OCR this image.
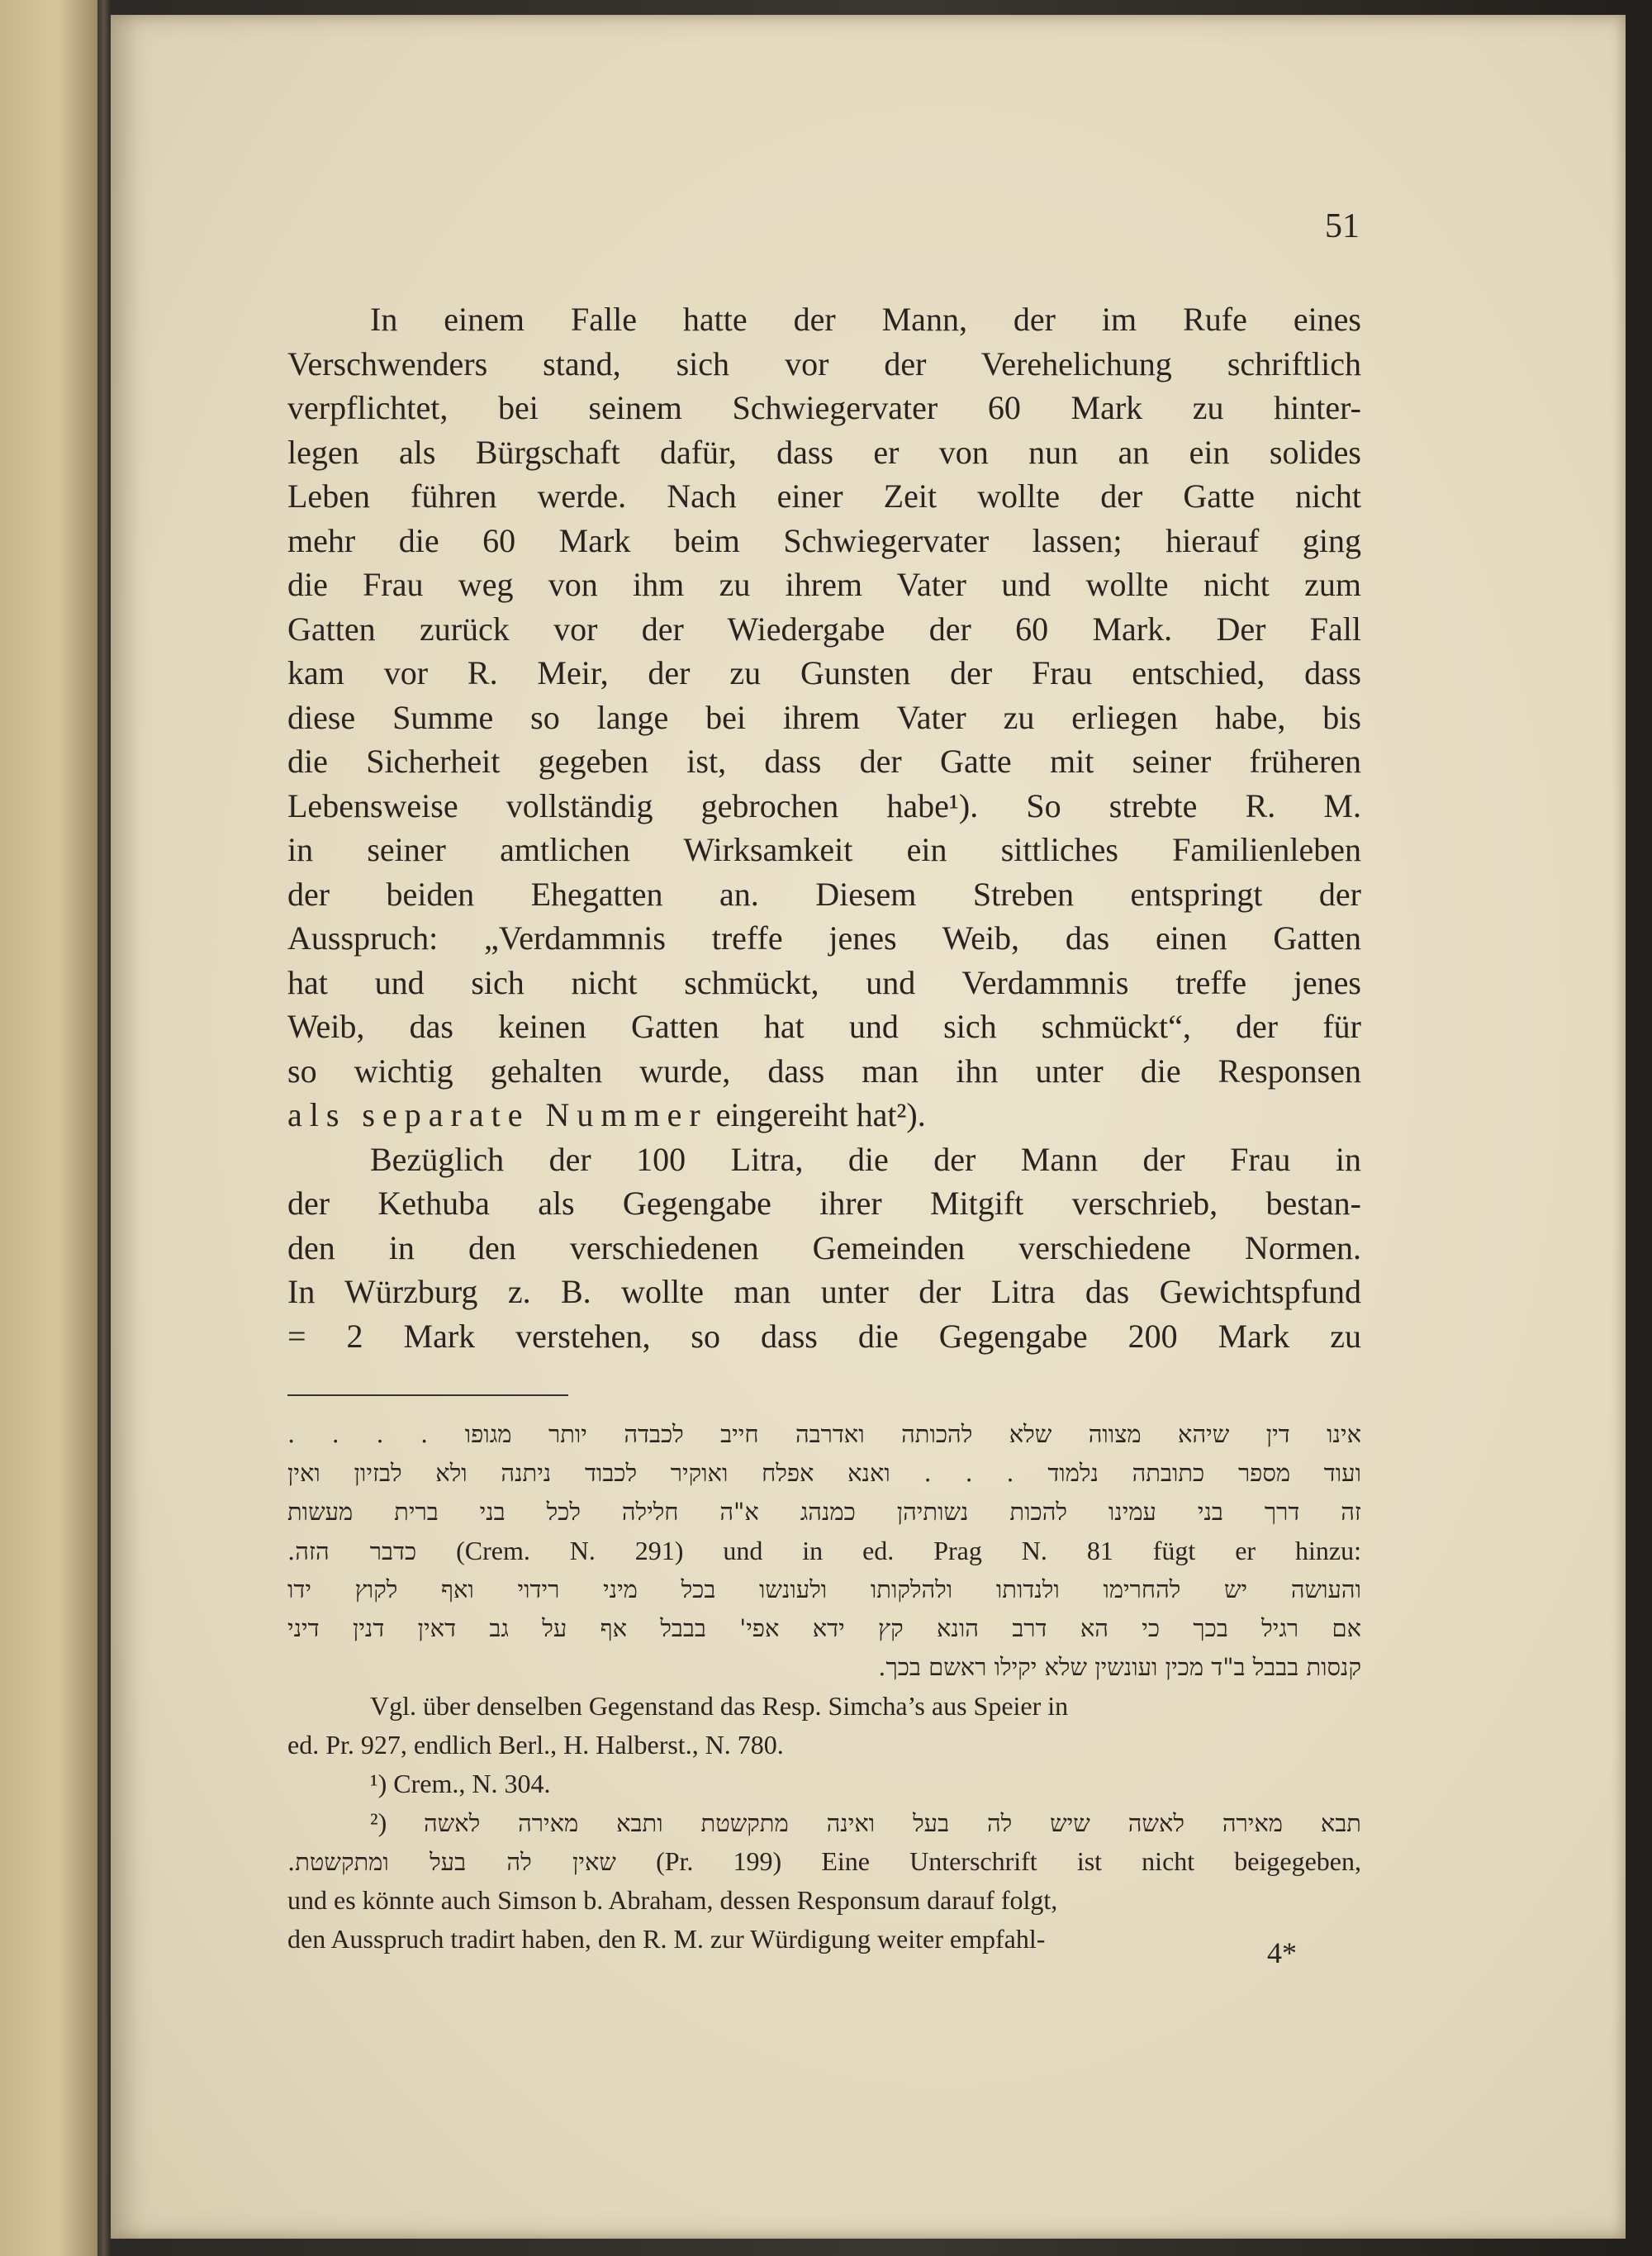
51
In einem Falle hatte der Mann, der im Rufe eines
Verschwenders stand, sich vor der Verehelichung schriftlich
verpflichtet, bei seinem Schwiegervater 60 Mark zu hinter-
legen als Bürgschaft dafür, dass er von nun an ein solides
Leben führen werde. Nach einer Zeit wollte der Gatte nicht
mehr die 60 Mark beim Schwiegervater lassen; hierauf ging
die Frau weg von ihm zu ihrem Vater und wollte nicht zum
Gatten zurück vor der Wiedergabe der 60 Mark. Der Fall
kam vor R. Meir, der zu Gunsten der Frau entschied, dass
diese Summe so lange bei ihrem Vater zu erliegen habe, bis
die Sicherheit gegeben ist, dass der Gatte mit seiner früheren
Lebensweise vollständig gebrochen habe¹). So strebte R. M.
in seiner amtlichen Wirksamkeit ein sittliches Familienleben
der beiden Ehegatten an. Diesem Streben entspringt der
Ausspruch: „Verdammnis treffe jenes Weib, das einen Gatten
hat und sich nicht schmückt, und Verdammnis treffe jenes
Weib, das keinen Gatten hat und sich schmückt“, der für
so wichtig gehalten wurde, dass man ihn unter die Responsen
als separate Nummer eingereiht hat²).
Bezüglich der 100 Litra, die der Mann der Frau in
der Kethuba als Gegengabe ihrer Mitgift verschrieb, bestan-
den in den verschiedenen Gemeinden verschiedene Normen.
In Würzburg z. B. wollte man unter der Litra das Gewichtspfund
= 2 Mark verstehen, so dass die Gegengabe 200 Mark zu
אינו דין שיהא מצווה שלא להכותה ואדרבה חייב לכבדה יותר מגופו . . . .
ועוד מספר כתובתה נלמוד . . . ואנא אפלח ואוקיר לכבוד ניתנה ולא לבזיון ואין
זה דרך בני עמינו להכות נשותיהן כמנהג א"ה חלילה לכל בני ברית מעשות
כדבר הזה. (Crem. N. 291) und in ed. Prag N. 81 fügt er hinzu:
והעושה יש להחרימו ולנדותו ולהלקותו ולעונשו בכל מיני רידוי ואף לקוץ ידו
אם רגיל בכך כי הא דרב הונא קץ ידא אפי' בבבל אף על גב דאין דנין דיני
קנסות בבבל ב"ד מכין ועונשין שלא יקילו ראשם בכך.
Vgl. über denselben Gegenstand das Resp. Simcha’s aus Speier in
ed. Pr. 927, endlich Berl., H. Halberst., N. 780.
¹) Crem., N. 304.
²) תבא מאירה לאשה שיש לה בעל ואינה מתקשטת ותבא מאירה לאשה
שאין לה בעל ומתקשטת. (Pr. 199) Eine Unterschrift ist nicht beigegeben,
und es könnte auch Simson b. Abraham, dessen Responsum darauf folgt,
den Ausspruch tradirt haben, den R. M. zur Würdigung weiter empfahl-	4*
